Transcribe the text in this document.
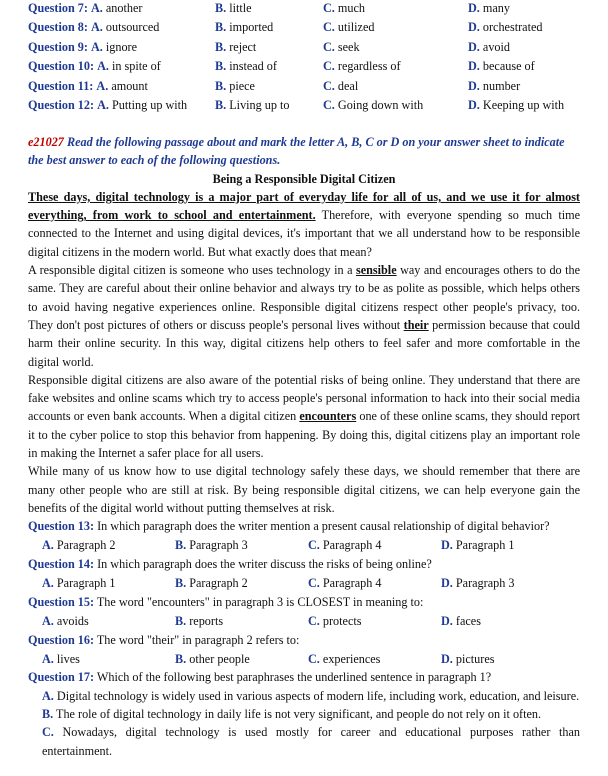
Question 7: A. another	B. little	C. much	D. many
Question 8: A. outsourced	B. imported	C. utilized	D. orchestrated
Question 9: A. ignore	B. reject	C. seek	D. avoid
Question 10: A. in spite of	B. instead of	C. regardless of	D. because of
Question 11: A. amount	B. piece	C. deal	D. number
Question 12: A. Putting up with	B. Living up to	C. Going down with	D. Keeping up with

e21027 Read the following passage about and mark the letter A, B, C or D on your answer sheet to indicate the best answer to each of the following questions.

Being a Responsible Digital Citizen

These days, digital technology is a major part of everyday life for all of us, and we use it for almost everything, from work to school and entertainment. Therefore, with everyone spending so much time connected to the Internet and using digital devices, it's important that we all understand how to be responsible digital citizens in the modern world. But what exactly does that mean?

A responsible digital citizen is someone who uses technology in a sensible way and encourages others to do the same. They are careful about their online behavior and always try to be as polite as possible, which helps others to avoid having negative experiences online. Responsible digital citizens respect other people's privacy, too. They don't post pictures of others or discuss people's personal lives without their permission because that could harm their online security. In this way, digital citizens help others to feel safer and more comfortable in the digital world.

Responsible digital citizens are also aware of the potential risks of being online. They understand that there are fake websites and online scams which try to access people's personal information to hack into their social media accounts or even bank accounts. When a digital citizen encounters one of these online scams, they should report it to the cyber police to stop this behavior from happening. By doing this, digital citizens play an important role in making the Internet a safer place for all users.

While many of us know how to use digital technology safely these days, we should remember that there are many other people who are still at risk. By being responsible digital citizens, we can help everyone gain the benefits of the digital world without putting themselves at risk.

Question 13: In which paragraph does the writer mention a present causal relationship of digital behavior?

A. Paragraph 2	B. Paragraph 3	C. Paragraph 4	D. Paragraph 1

Question 14: In which paragraph does the writer discuss the risks of being online?

A. Paragraph 1	B. Paragraph 2	C. Paragraph 4	D. Paragraph 3

Question 15: The word "encounters" in paragraph 3 is CLOSEST in meaning to:

A. avoids	B. reports	C. protects	D. faces

Question 16: The word "their" in paragraph 2 refers to:

A. lives	B. other people	C. experiences	D. pictures

Question 17: Which of the following best paraphrases the underlined sentence in paragraph 1?

A. Digital technology is widely used in various aspects of modern life, including work, education, and leisure.

B. The role of digital technology in daily life is not very significant, and people do not rely on it often.

C. Nowadays, digital technology is used mostly for career and educational purposes rather than entertainment.
